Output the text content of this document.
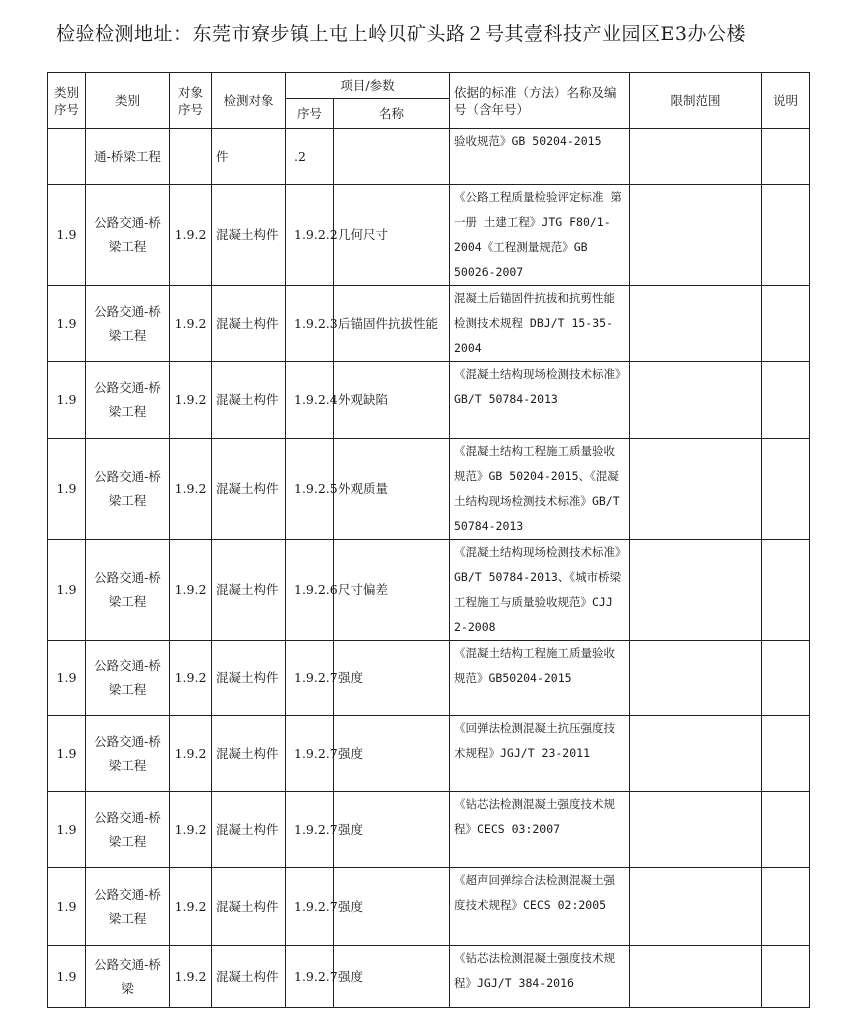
检验检测地址：东莞市寮步镇上屯上岭贝矿头路２号其壹科技产业园区E3办公楼
类别序号	类别	对象序号	检测对象	项目/参数		依据的标准（方法）名称及编号（含年号）	限制范围	说明
				序号	名称			
	通-桥梁工程		件	.2		验收规范》GB 50204-2015		
1.9	公路交通-桥梁工程	1.9.2	混凝土构件	1.9.2.2	几何尺寸	《公路工程质量检验评定标准 第一册 土建工程》JTG F80/1-2004《工程测量规范》GB 50026-2007		
1.9	公路交通-桥梁工程	1.9.2	混凝土构件	1.9.2.3	后锚固件抗拔性能	混凝土后锚固件抗拔和抗剪性能检测技术规程 DBJ/T 15-35-2004		
1.9	公路交通-桥梁工程	1.9.2	混凝土构件	1.9.2.4	外观缺陷	《混凝土结构现场检测技术标准》GB/T 50784-2013		
1.9	公路交通-桥梁工程	1.9.2	混凝土构件	1.9.2.5	外观质量	《混凝土结构工程施工质量验收规范》GB 50204-2015、《混凝土结构现场检测技术标准》GB/T 50784-2013		
1.9	公路交通-桥梁工程	1.9.2	混凝土构件	1.9.2.6	尺寸偏差	《混凝土结构现场检测技术标准》GB/T 50784-2013、《城市桥梁工程施工与质量验收规范》CJJ 2-2008		
1.9	公路交通-桥梁工程	1.9.2	混凝土构件	1.9.2.7	强度	《混凝土结构工程施工质量验收规范》GB50204-2015		
1.9	公路交通-桥梁工程	1.9.2	混凝土构件	1.9.2.7	强度	《回弹法检测混凝土抗压强度技术规程》JGJ/T 23-2011		
1.9	公路交通-桥梁工程	1.9.2	混凝土构件	1.9.2.7	强度	《钻芯法检测混凝土强度技术规程》CECS 03:2007		
1.9	公路交通-桥梁工程	1.9.2	混凝土构件	1.9.2.7	强度	《超声回弹综合法检测混凝土强度技术规程》CECS 02:2005		
1.9	公路交通-桥梁	1.9.2	混凝土构件	1.9.2.7	强度	《钻芯法检测混凝土强度技术规程》JGJ/T 384-2016		
